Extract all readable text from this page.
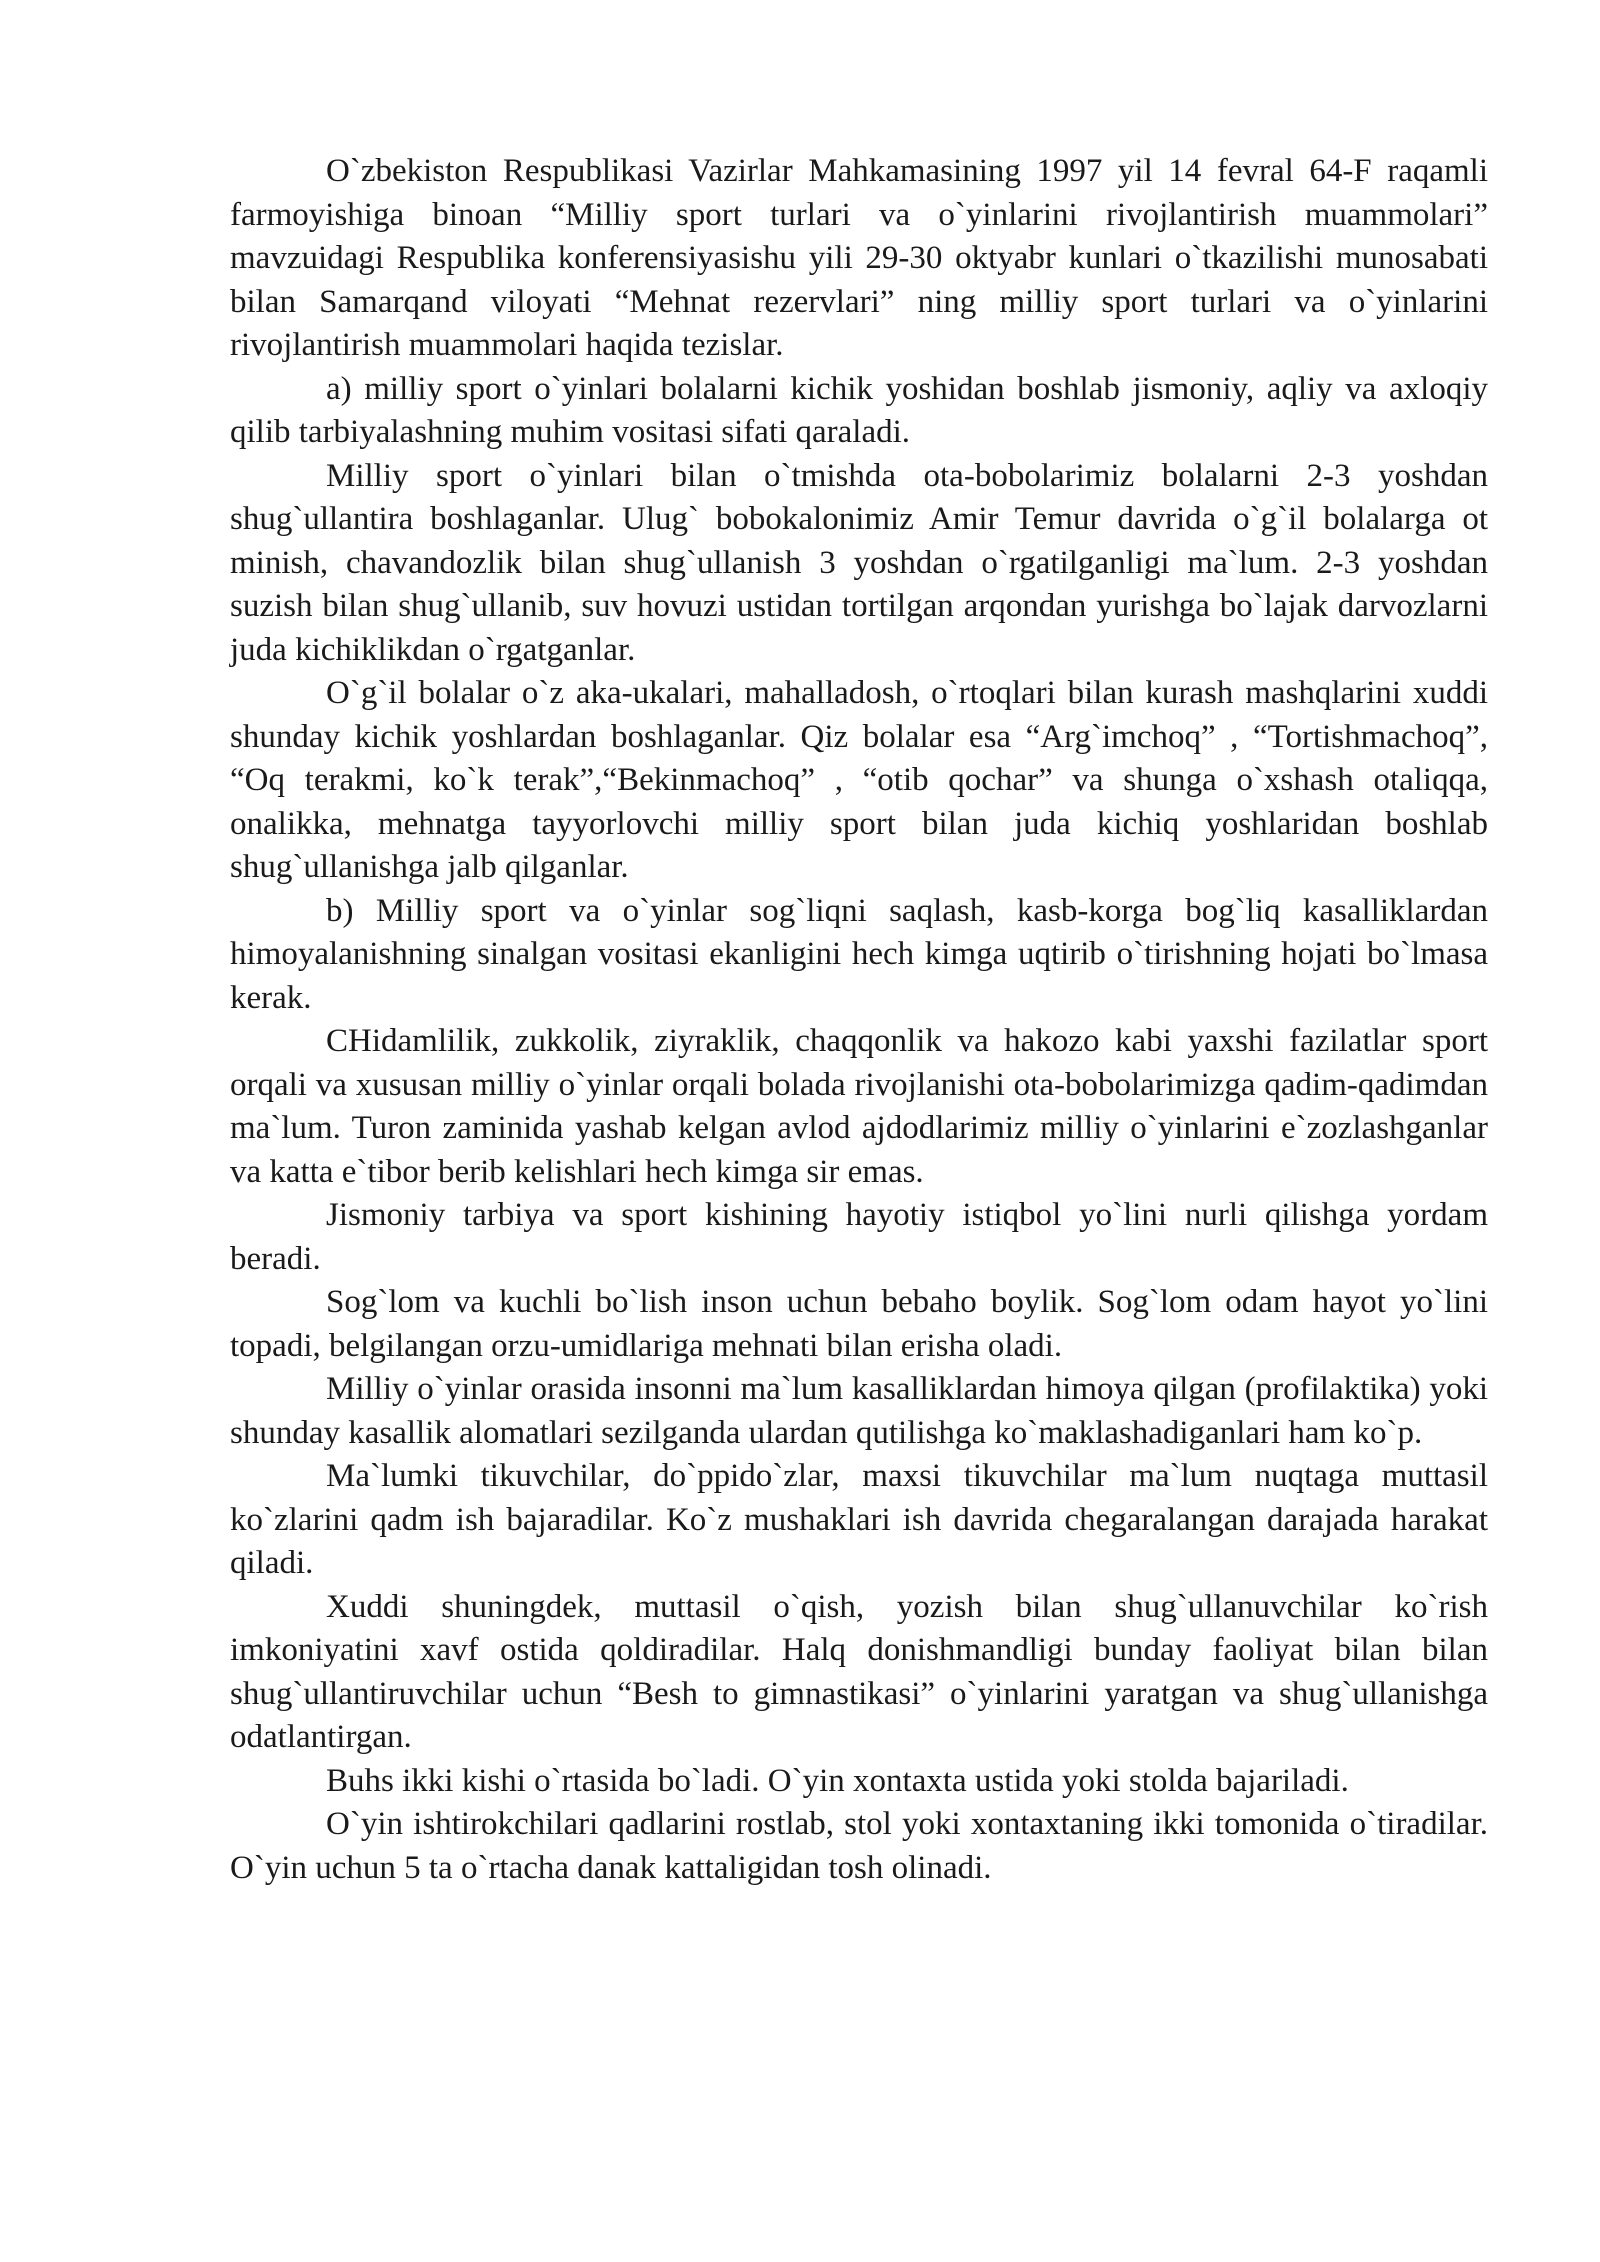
O`zbekiston Respublikasi Vazirlar Mahkamasining 1997 yil 14 fevral 64-F raqamli farmoyishiga binoan “Milliy sport turlari va o`yinlarini rivojlantirish muammolari” mavzuidagi Respublika konferensiyasishu yili 29-30 oktyabr kunlari o`tkazilishi munosabati bilan Samarqand viloyati “Mehnat rezervlari” ning milliy sport turlari va o`yinlarini rivojlantirish muammolari haqida tezislar.

a) milliy sport o`yinlari bolalarni kichik yoshidan boshlab jismoniy, aqliy va axloqiy qilib tarbiyalashning muhim vositasi sifati qaraladi.

Milliy sport o`yinlari bilan o`tmishda ota-bobolarimiz bolalarni 2-3 yoshdan shug`ullantira boshlaganlar. Ulug` bobokalonimiz Amir Temur davrida o`g`il bolalarga ot minish, chavandozlik bilan shug`ullanish 3 yoshdan o`rgatilganligi ma`lum. 2-3 yoshdan suzish bilan shug`ullanib, suv hovuzi ustidan tortilgan arqondan yurishga bo`lajak darvozlarni juda kichiklikdan o`rgatganlar.

O`g`il bolalar o`z aka-ukalari, mahalladosh, o`rtoqlari bilan kurash mashqlarini xuddi shunday kichik yoshlardan boshlaganlar. Qiz bolalar esa “Arg`imchoq” , “Tortishmachoq”, “Oq terakmi, ko`k terak”,“Bekinmachoq” , “otib qochar” va shunga o`xshash otaliqqa, onalikka, mehnatga tayyorlovchi milliy sport bilan juda kichiq yoshlaridan boshlab shug`ullanishga jalb qilganlar.

b) Milliy sport va o`yinlar sog`liqni saqlash, kasb-korga bog`liq kasalliklardan himoyalanishning sinalgan vositasi ekanligini hech kimga uqtirib o`tirishning hojati bo`lmasa kerak.

CHidamlilik, zukkolik, ziyraklik, chaqqonlik va hakozo kabi yaxshi fazilatlar sport orqali va xususan milliy o`yinlar orqali bolada rivojlanishi ota-bobolarimizga qadim-qadimdan ma`lum. Turon zaminida yashab kelgan avlod ajdodlarimiz milliy o`yinlarini e`zozlashganlar va katta e`tibor berib kelishlari hech kimga sir emas.

Jismoniy tarbiya va sport kishining hayotiy istiqbol yo`lini nurli qilishga yordam beradi.

Sog`lom va kuchli bo`lish inson uchun bebaho boylik. Sog`lom odam hayot yo`lini topadi, belgilangan orzu-umidlariga mehnati bilan erisha oladi.

Milliy o`yinlar orasida insonni ma`lum kasalliklardan himoya qilgan (profilaktika) yoki shunday kasallik alomatlari sezilganda ulardan qutilishga ko`maklashadiganlari ham ko`p.

Ma`lumki tikuvchilar, do`ppido`zlar, maxsi tikuvchilar ma`lum nuqtaga muttasil ko`zlarini qadm ish bajaradilar. Ko`z mushaklari ish davrida chegaralangan darajada harakat qiladi.

Xuddi shuningdek, muttasil o`qish, yozish bilan shug`ullanuvchilar ko`rish imkoniyatini xavf ostida qoldiradilar. Halq donishmandligi bunday faoliyat bilan bilan shug`ullantiruvchilar uchun “Besh to gimnastikasi” o`yinlarini yaratgan va shug`ullanishga odatlantirgan.

Buhs ikki kishi o`rtasida bo`ladi. O`yin xontaxta ustida yoki stolda bajariladi.

O`yin ishtirokchilari qadlarini rostlab, stol yoki xontaxtaning ikki tomonida o`tiradilar. O`yin uchun 5 ta o`rtacha danak kattaligidan tosh olinadi.
